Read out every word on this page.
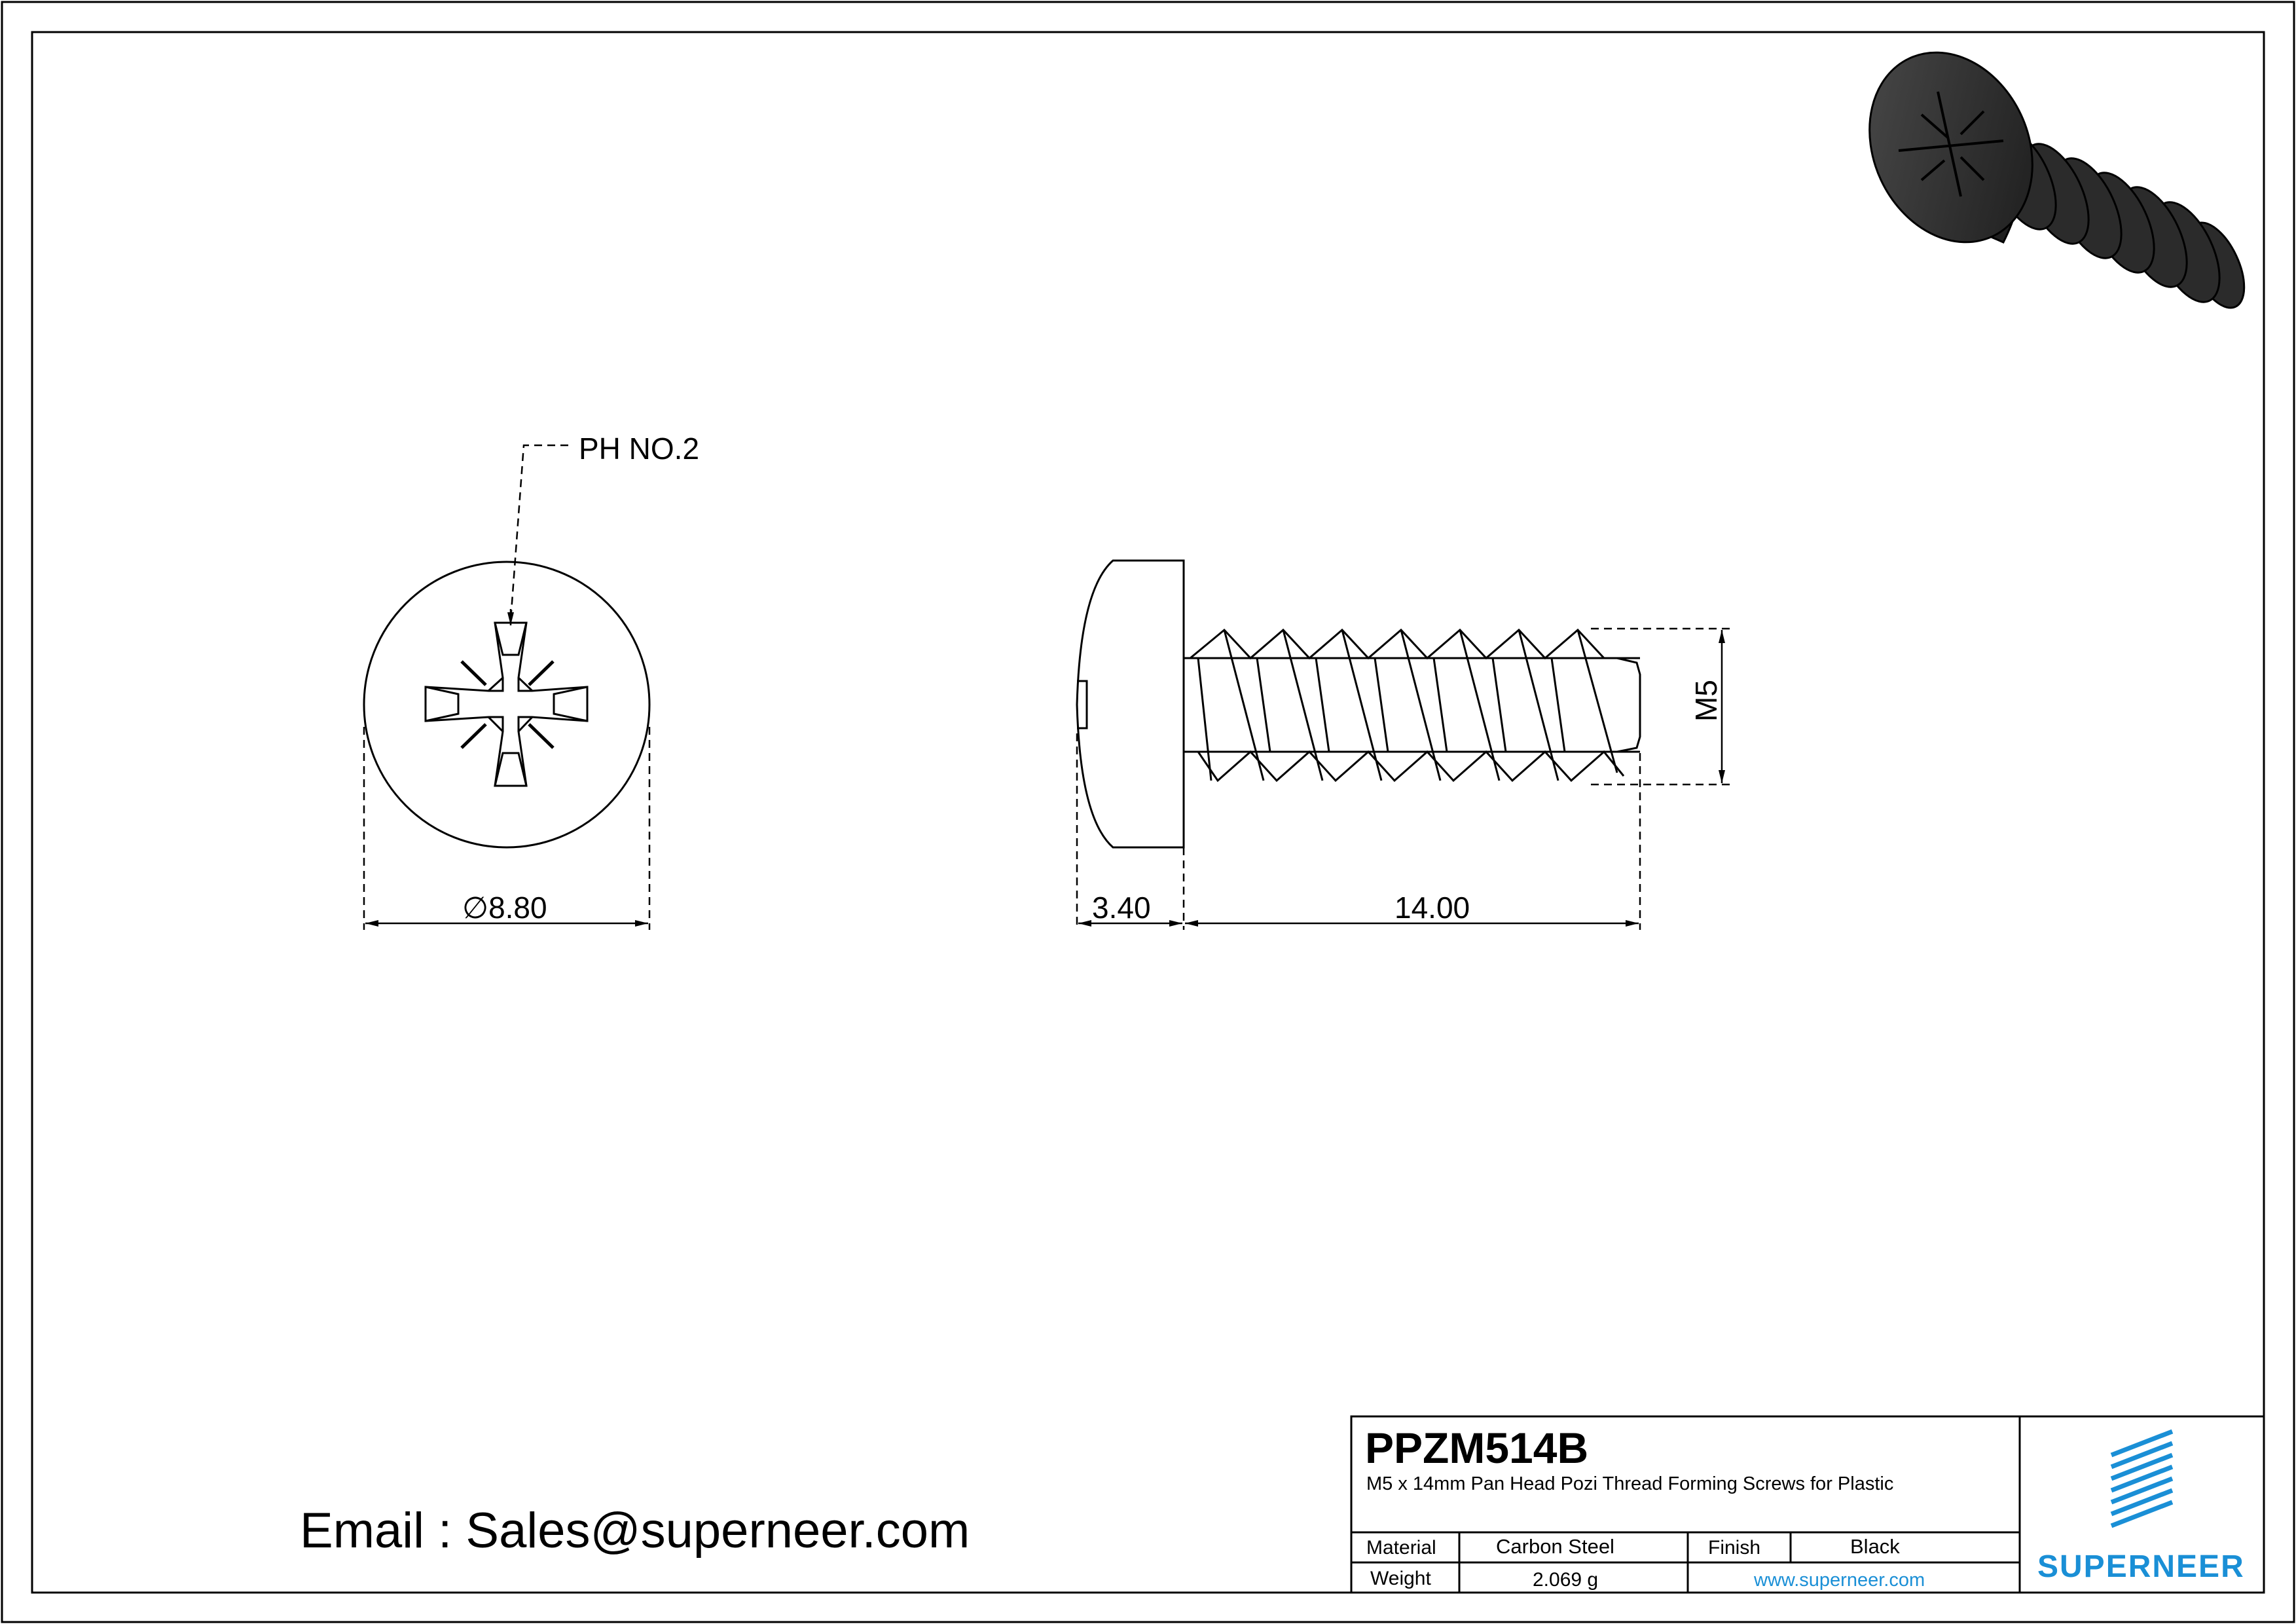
PH NO.2
∅8.80	3.40	14.00
M5
Email : Sales@superneer.com
PPZM514B
M5 x 14mm Pan Head Pozi Thread Forming Screws for Plastic
Material	Carbon Steel	Finish	Black
Weight	2.069 g	www.superneer.com	SUPERNEER
